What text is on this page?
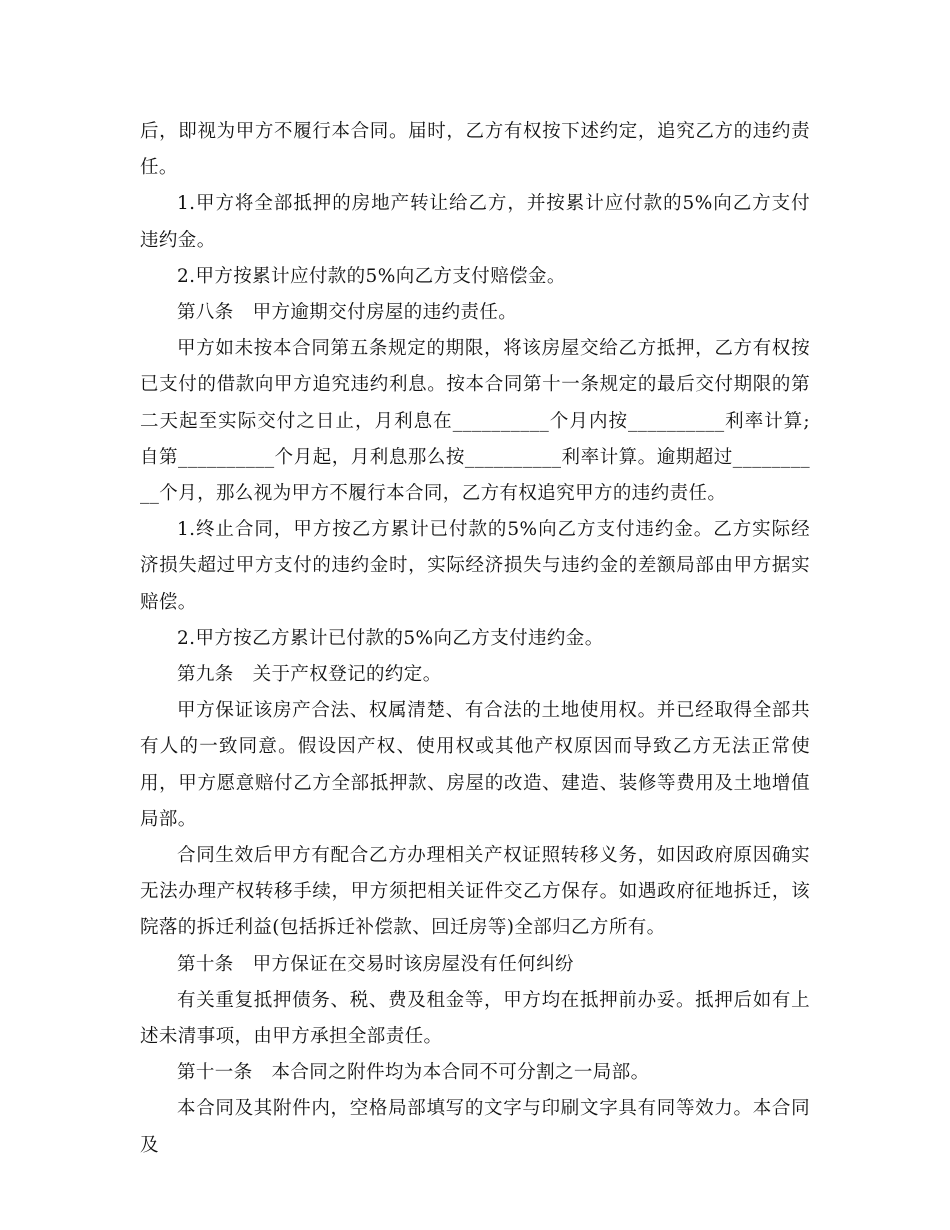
后，即视为甲方不履行本合同。届时，乙方有权按下述约定，追究乙方的违约责任。

1.甲方将全部抵押的房地产转让给乙方，并按累计应付款的5%向乙方支付违约金。

2.甲方按累计应付款的5%向乙方支付赔偿金。

第八条　甲方逾期交付房屋的违约责任。

甲方如未按本合同第五条规定的期限，将该房屋交给乙方抵押，乙方有权按已支付的借款向甲方追究违约利息。按本合同第十一条规定的最后交付期限的第二天起至实际交付之日止，月利息在__________个月内按__________利率计算;自第__________个月起，月利息那么按__________利率计算。逾期超过__________个月，那么视为甲方不履行本合同，乙方有权追究甲方的违约责任。

1.终止合同，甲方按乙方累计已付款的5%向乙方支付违约金。乙方实际经济损失超过甲方支付的违约金时，实际经济损失与违约金的差额局部由甲方据实赔偿。

2.甲方按乙方累计已付款的5%向乙方支付违约金。

第九条　关于产权登记的约定。

甲方保证该房产合法、权属清楚、有合法的土地使用权。并已经取得全部共有人的一致同意。假设因产权、使用权或其他产权原因而导致乙方无法正常使用，甲方愿意赔付乙方全部抵押款、房屋的改造、建造、装修等费用及土地增值局部。

合同生效后甲方有配合乙方办理相关产权证照转移义务，如因政府原因确实无法办理产权转移手续，甲方须把相关证件交乙方保存。如遇政府征地拆迁，该院落的拆迁利益(包括拆迁补偿款、回迁房等)全部归乙方所有。

第十条　甲方保证在交易时该房屋没有任何纠纷

有关重复抵押债务、税、费及租金等，甲方均在抵押前办妥。抵押后如有上述未清事项，由甲方承担全部责任。

第十一条　本合同之附件均为本合同不可分割之一局部。

本合同及其附件内，空格局部填写的文字与印刷文字具有同等效力。本合同及
